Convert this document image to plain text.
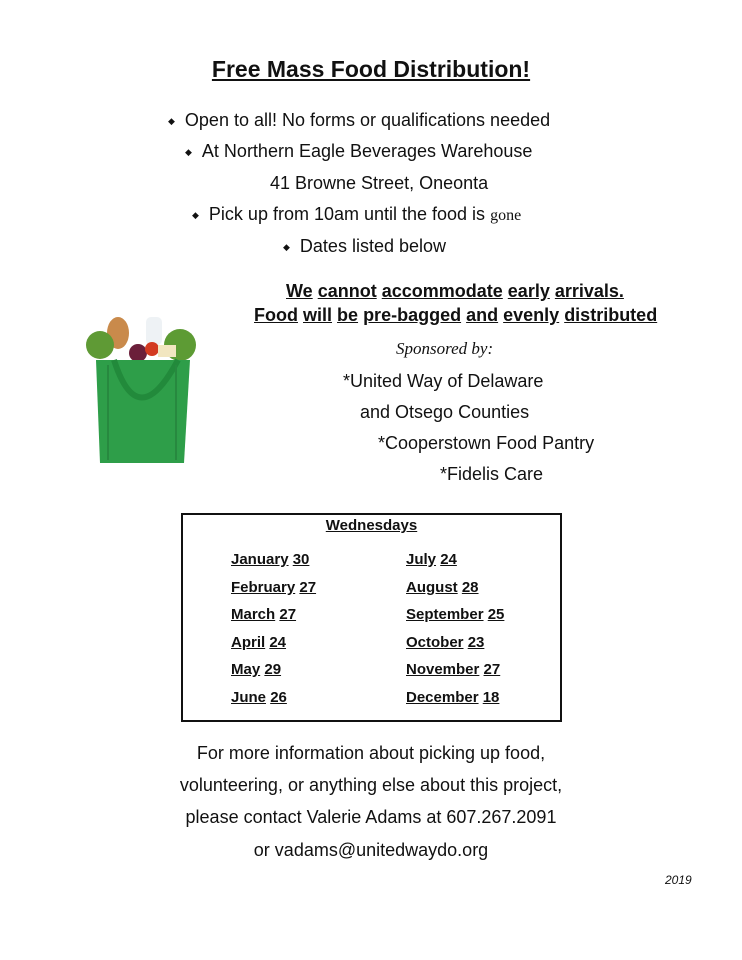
Free Mass Food Distribution!
◆ Open to all! No forms or qualifications needed
◆ At Northern Eagle Beverages Warehouse
41 Browne Street, Oneonta
◆ Pick up from 10am until the food is gone
◆ Dates listed below
We cannot accommodate early arrivals.
Food will be pre-bagged and evenly distributed
Sponsored by:
*United Way of Delaware
and Otsego Counties
*Cooperstown Food Pantry
*Fidelis Care
Wednesdays
For more information about picking up food,
volunteering, or anything else about this project,
please contact Valerie Adams at 607.267.2091
or vadams@unitedwaydo.org
2019
January 30
February 27
March 27
April 24
May 29
June 26
July 24
August 28
September 25
October 23
November 27
December 18
